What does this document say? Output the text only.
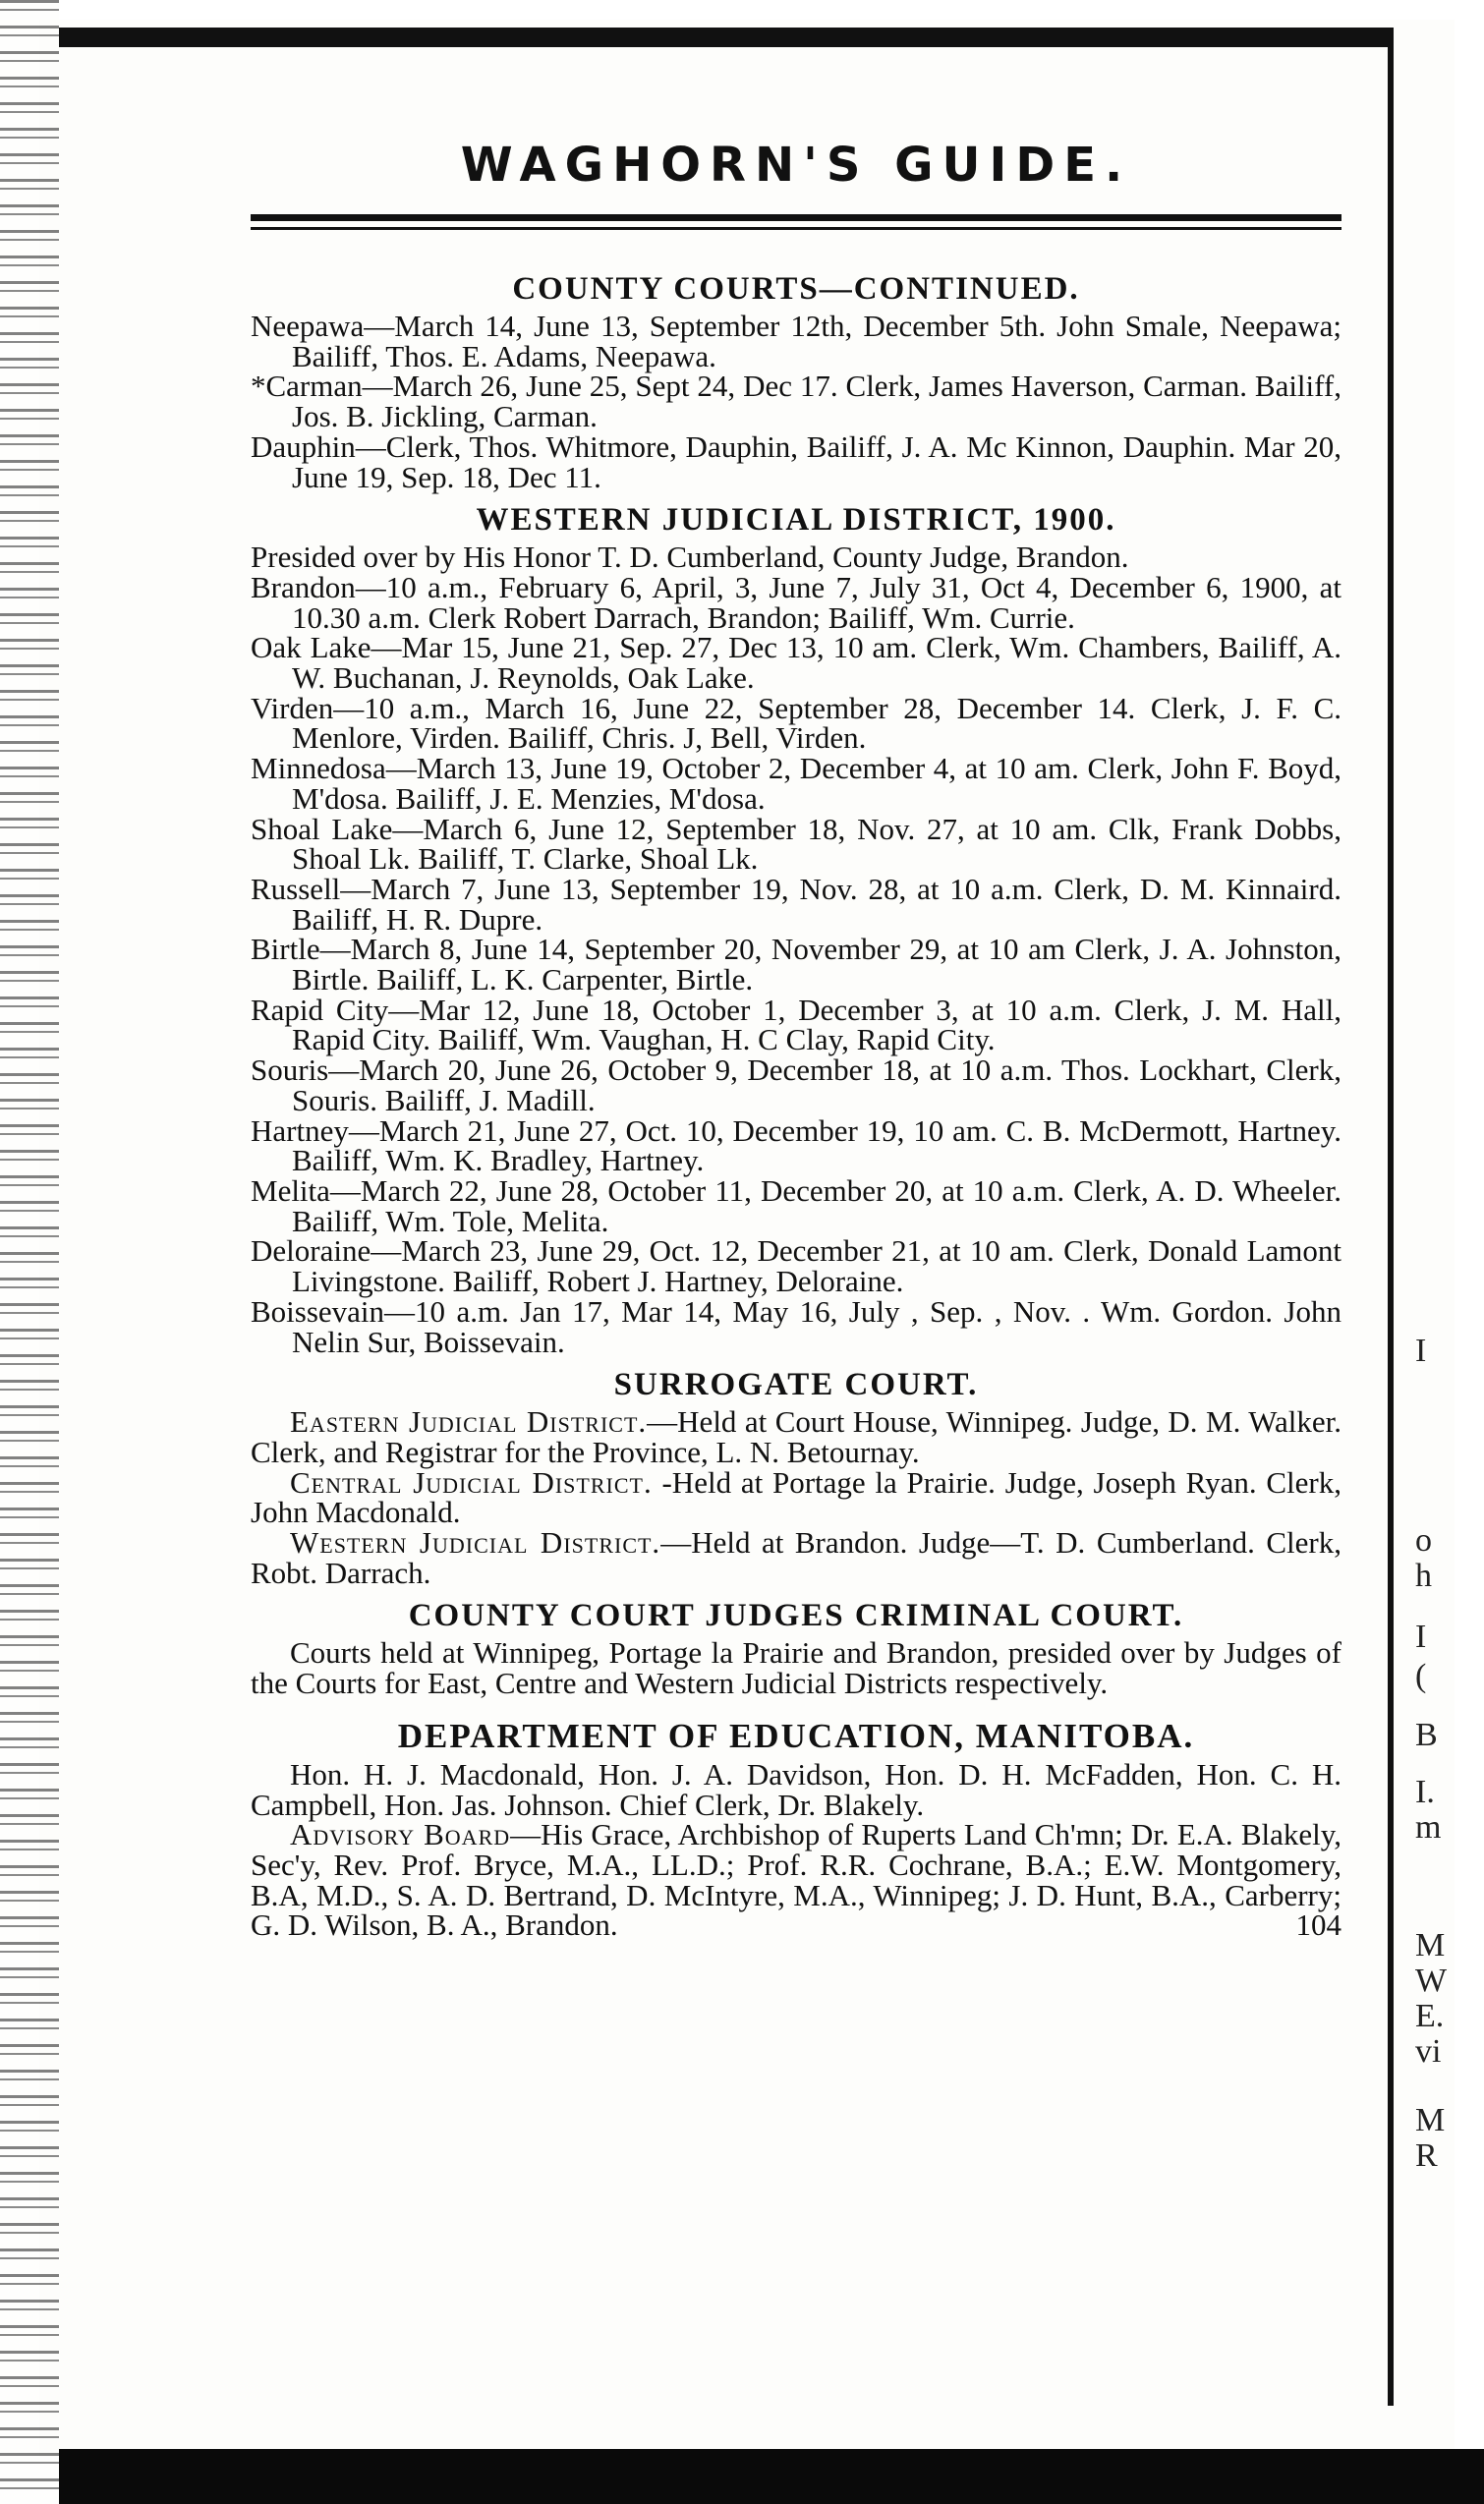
I
o
h
I
(
B
I.
m
M
W
E.
vi
M
R
WAGHORN'S GUIDE.
COUNTY COURTS—CONTINUED.

Neepawa—March 14, June 13, September 12th, December 5th. John Smale, Neepawa; Bailiff, Thos. E. Adams, Neepawa.

*Carman—March 26, June 25, Sept 24, Dec 17. Clerk, James Haverson, Carman. Bailiff, Jos. B. Jickling, Carman.

Dauphin—Clerk, Thos. Whitmore, Dauphin, Bailiff, J. A. Mc Kinnon, Dauphin. Mar 20, June 19, Sep. 18, Dec 11.

WESTERN JUDICIAL DISTRICT, 1900.

Presided over by His Honor T. D. Cumberland, County Judge, Brandon.

Brandon—10 a.m., February 6, April, 3, June 7, July 31, Oct 4, December 6, 1900, at 10.30 a.m. Clerk Robert Darrach, Brandon; Bailiff, Wm. Currie.

Oak Lake—Mar 15, June 21, Sep. 27, Dec 13, 10 am. Clerk, Wm. Chambers, Bailiff, A. W. Buchanan, J. Reynolds, Oak Lake.

Virden—10 a.m., March 16, June 22, September 28, December 14. Clerk, J. F. C. Menlore, Virden. Bailiff, Chris. J, Bell, Virden.

Minnedosa—March 13, June 19, October 2, December 4, at 10 am. Clerk, John F. Boyd, M'dosa. Bailiff, J. E. Menzies, M'dosa.

Shoal Lake—March 6, June 12, September 18, Nov. 27, at 10 am. Clk, Frank Dobbs, Shoal Lk. Bailiff, T. Clarke, Shoal Lk.

Russell—March 7, June 13, September 19, Nov. 28, at 10 a.m. Clerk, D. M. Kinnaird. Bailiff, H. R. Dupre.

Birtle—March 8, June 14, September 20, November 29, at 10 am Clerk, J. A. Johnston, Birtle. Bailiff, L. K. Carpenter, Birtle.

Rapid City—Mar 12, June 18, October 1, December 3, at 10 a.m. Clerk, J. M. Hall, Rapid City. Bailiff, Wm. Vaughan, H. C Clay, Rapid City.

Souris—March 20, June 26, October 9, December 18, at 10 a.m. Thos. Lockhart, Clerk, Souris. Bailiff, J. Madill.

Hartney—March 21, June 27, Oct. 10, December 19, 10 am. C. B. McDermott, Hartney. Bailiff, Wm. K. Bradley, Hartney.

Melita—March 22, June 28, October 11, December 20, at 10 a.m. Clerk, A. D. Wheeler. Bailiff, Wm. Tole, Melita.

Deloraine—March 23, June 29, Oct. 12, December 21, at 10 am. Clerk, Donald Lamont Livingstone. Bailiff, Robert J. Hartney, Deloraine.

Boissevain—10 a.m. Jan 17, Mar 14, May 16, July , Sep. , Nov. . Wm. Gordon. John Nelin Sur, Boissevain.

SURROGATE COURT.

Eastern Judicial District.—Held at Court House, Winnipeg. Judge, D. M. Walker. Clerk, and Registrar for the Province, L. N. Betournay.

Central Judicial District. -Held at Portage la Prairie. Judge, Joseph Ryan. Clerk, John Macdonald.

Western Judicial District.—Held at Brandon. Judge—T. D. Cumberland. Clerk, Robt. Darrach.

COUNTY COURT JUDGES CRIMINAL COURT.

Courts held at Winnipeg, Portage la Prairie and Brandon, presided over by Judges of the Courts for East, Centre and Western Judicial Districts respectively.

DEPARTMENT OF EDUCATION, MANITOBA.

Hon. H. J. Macdonald, Hon. J. A. Davidson, Hon. D. H. McFadden, Hon. C. H. Campbell, Hon. Jas. Johnson. Chief Clerk, Dr. Blakely.

Advisory Board—His Grace, Archbishop of Ruperts Land Ch'mn; Dr. E.A. Blakely, Sec'y, Rev. Prof. Bryce, M.A., LL.D.; Prof. R.R. Cochrane, B.A.; E.W. Montgomery, B.A, M.D., S. A. D. Bertrand, D. McIntyre, M.A., Winnipeg; J. D. Hunt, B.A., Carberry; G. D. Wilson, B. A., Brandon.	104
